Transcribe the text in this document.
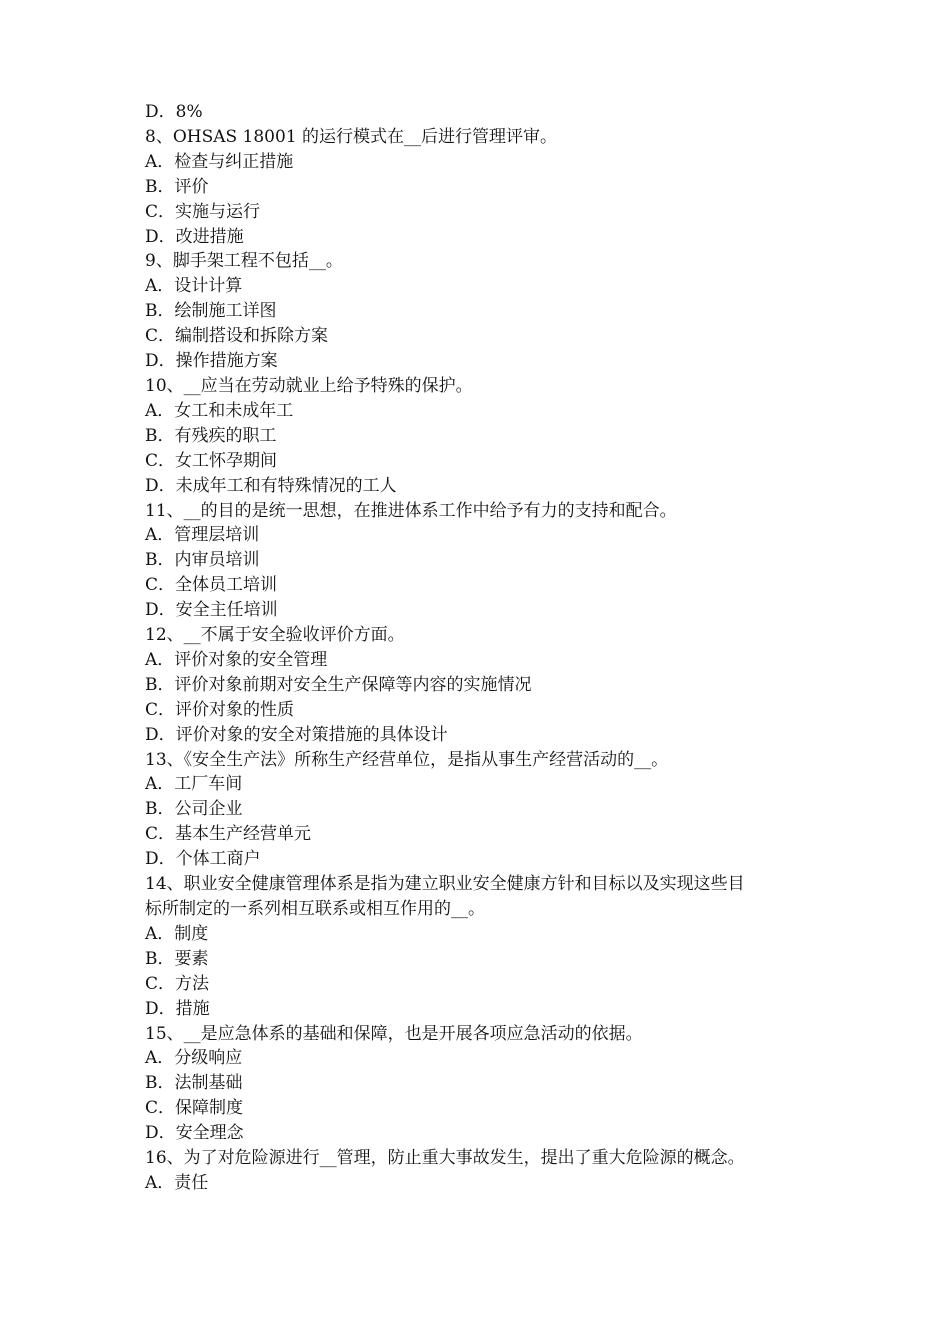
D．8%
8、OHSAS 18001 的运行模式在__后进行管理评审。
A．检查与纠正措施
B．评价
C．实施与运行
D．改进措施
9、脚手架工程不包括__。
A．设计计算
B．绘制施工详图
C．编制搭设和拆除方案
D．操作措施方案
10、__应当在劳动就业上给予特殊的保护。
A．女工和未成年工
B．有残疾的职工
C．女工怀孕期间
D．未成年工和有特殊情况的工人
11、__的目的是统一思想，在推进体系工作中给予有力的支持和配合。
A．管理层培训
B．内审员培训
C．全体员工培训
D．安全主任培训
12、__不属于安全验收评价方面。
A．评价对象的安全管理
B．评价对象前期对安全生产保障等内容的实施情况
C．评价对象的性质
D．评价对象的安全对策措施的具体设计
13、《安全生产法》所称生产经营单位，是指从事生产经营活动的__。
A．工厂车间
B．公司企业
C．基本生产经营单元
D．个体工商户
14、职业安全健康管理体系是指为建立职业安全健康方针和目标以及实现这些目
标所制定的一系列相互联系或相互作用的__。
A．制度
B．要素
C．方法
D．措施
15、__是应急体系的基础和保障，也是开展各项应急活动的依据。
A．分级响应
B．法制基础
C．保障制度
D．安全理念
16、为了对危险源进行__管理，防止重大事故发生，提出了重大危险源的概念。
A．责任
